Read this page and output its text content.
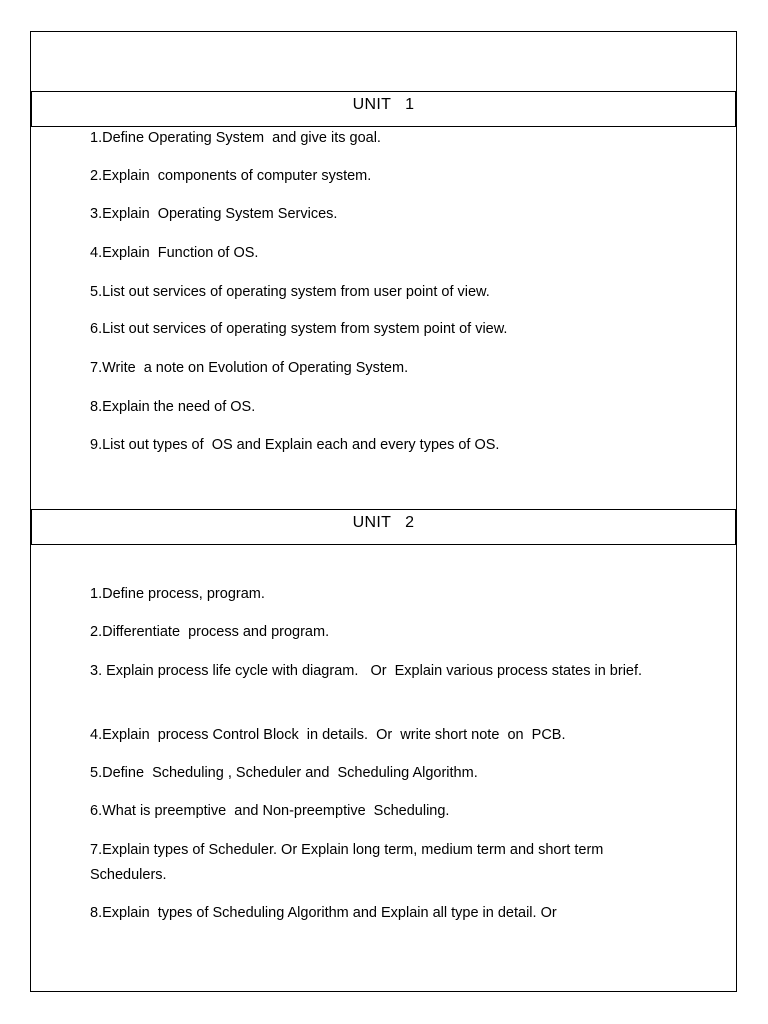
UNIT   1
1.Define Operating System  and give its goal.
2.Explain  components of computer system.
3.Explain  Operating System Services.
4.Explain  Function of OS.
5.List out services of operating system from user point of view.
6.List out services of operating system from system point of view.
7.Write  a note on Evolution of Operating System.
8.Explain the need of OS.
9.List out types of  OS and Explain each and every types of OS.
UNIT   2
1.Define process, program.
2.Differentiate  process and program.
3. Explain process life cycle with diagram.   Or  Explain various process states in brief.
4.Explain  process Control Block  in details.  Or  write short note  on  PCB.
5.Define  Scheduling , Scheduler and  Scheduling Algorithm.
6.What is preemptive  and Non-preemptive  Scheduling.
7.Explain types of Scheduler. Or Explain long term, medium term and short term Schedulers.
8.Explain  types of Scheduling Algorithm and Explain all type in detail. Or
